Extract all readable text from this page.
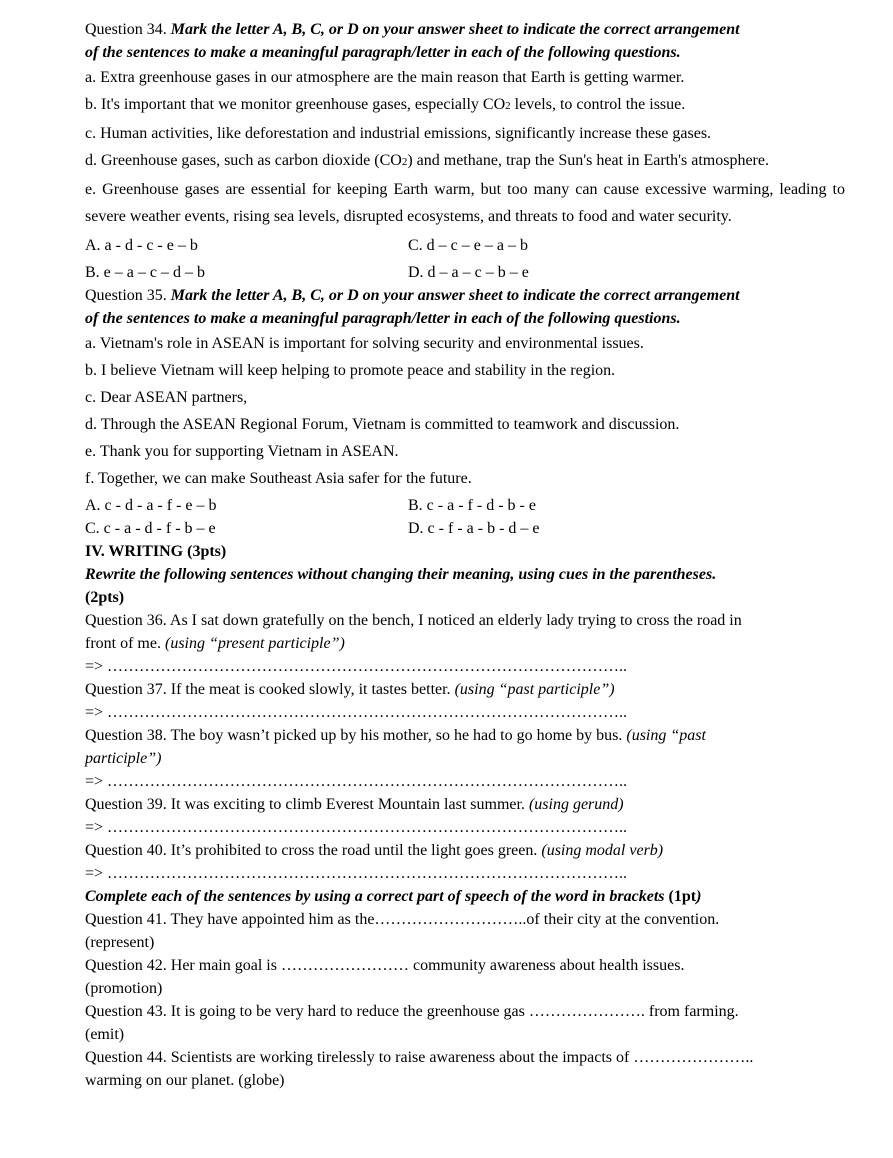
Question 34. Mark the letter A, B, C, or D on your answer sheet to indicate the correct arrangement
of the sentences to make a meaningful paragraph/letter in each of the following questions.
a. Extra greenhouse gases in our atmosphere are the main reason that Earth is getting warmer.
b. It's important that we monitor greenhouse gases, especially CO2 levels, to control the issue.
c. Human activities, like deforestation and industrial emissions, significantly increase these gases.
d. Greenhouse gases, such as carbon dioxide (CO2) and methane, trap the Sun's heat in Earth's atmosphere.
e. Greenhouse gases are essential for keeping Earth warm, but too many can cause excessive warming, leading to severe weather events, rising sea levels, disrupted ecosystems, and threats to food and water security.
A. a - d - c - e – b	C. d – c – e – a – b
B. e – a – c – d – b	D. d – a – c – b – e
Question 35. Mark the letter A, B, C, or D on your answer sheet to indicate the correct arrangement
of the sentences to make a meaningful paragraph/letter in each of the following questions.
a. Vietnam's role in ASEAN is important for solving security and environmental issues.
b. I believe Vietnam will keep helping to promote peace and stability in the region.
c. Dear ASEAN partners,
d. Through the ASEAN Regional Forum, Vietnam is committed to teamwork and discussion.
e. Thank you for supporting Vietnam in ASEAN.
f. Together, we can make Southeast Asia safer for the future.
A. c - d - a - f - e – b	B. c - a - f - d - b - e
C. c - a - d - f - b – e	D. c - f - a - b - d – e
IV. WRITING (3pts)
Rewrite the following sentences without changing their meaning, using cues in the parentheses.
(2pts)
Question 36. As I sat down gratefully on the bench, I noticed an elderly lady trying to cross the road in
front of me. (using “present participle”)
=> ……………………………………………………………………………………..
Question 37. If the meat is cooked slowly, it tastes better. (using “past participle”)
=> ……………………………………………………………………………………..
Question 38. The boy wasn’t picked up by his mother, so he had to go home by bus. (using “past
participle”)
=> ……………………………………………………………………………………..
Question 39. It was exciting to climb Everest Mountain last summer. (using gerund)
=> ……………………………………………………………………………………..
Question 40. It’s prohibited to cross the road until the light goes green. (using modal verb)
=> ……………………………………………………………………………………..
Complete each of the sentences by using a correct part of speech of the word in brackets (1pt)
Question 41. They have appointed him as the………………………..of their city at the convention.
(represent)
Question 42. Her main goal is …………………… community awareness about health issues.
(promotion)
Question 43. It is going to be very hard to reduce the greenhouse gas …………………. from farming.
(emit)
Question 44. Scientists are working tirelessly to raise awareness about the impacts of …………………..
warming on our planet. (globe)
